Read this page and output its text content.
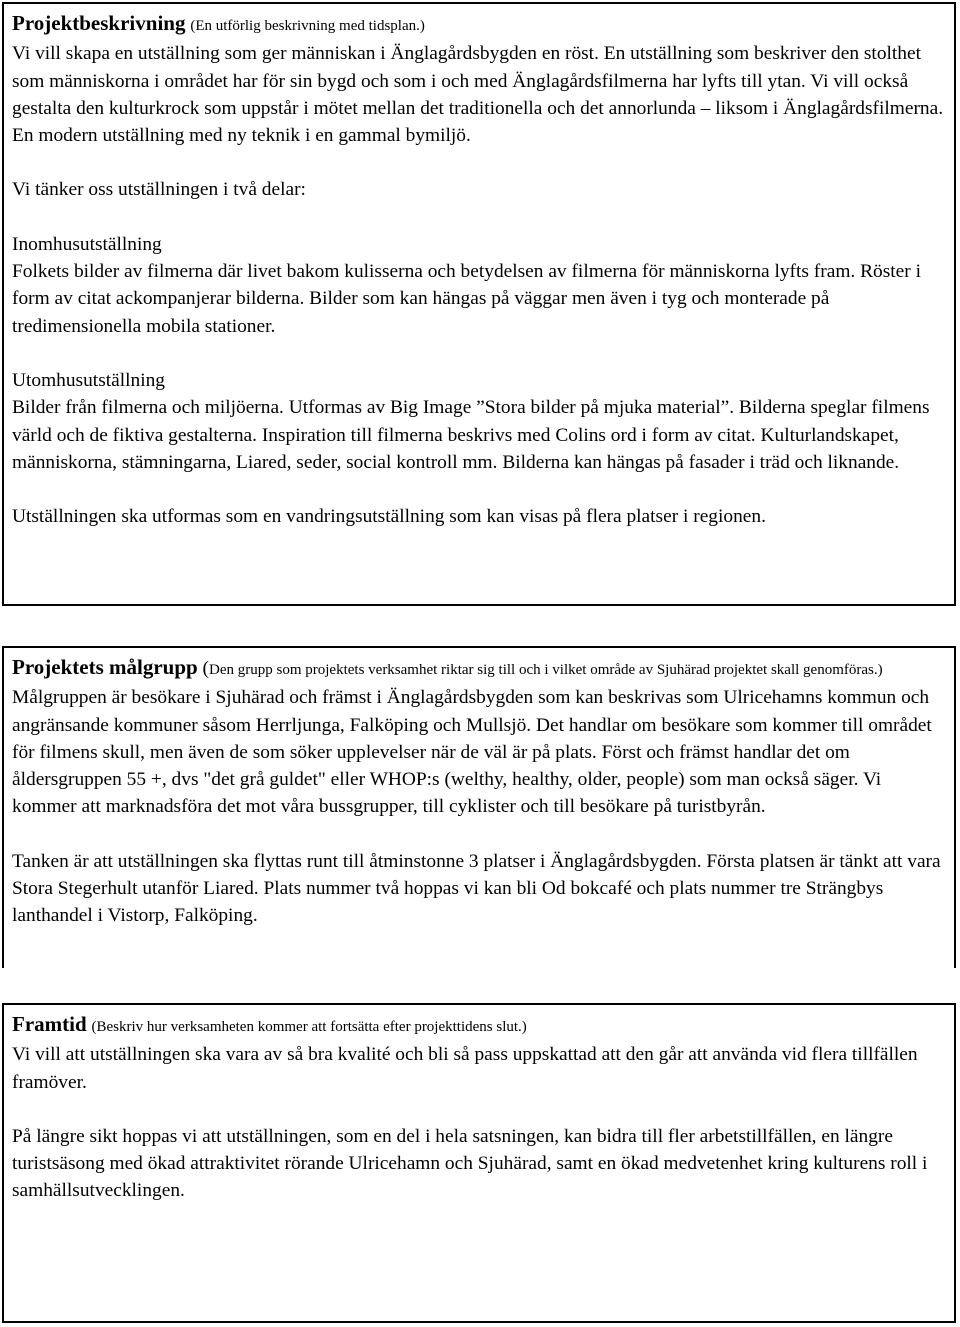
Projektbeskrivning (En utförlig beskrivning med tidsplan.)

Vi vill skapa en utställning som ger människan i Änglagårdsbygden en röst. En utställning som beskriver den stolthet som människorna i området har för sin bygd och som i och med Änglagårdsfilmerna har lyfts till ytan. Vi vill också gestalta den kulturkrock som uppstår i mötet mellan det traditionella och det annorlunda – liksom i Änglagårdsfilmerna. En modern utställning med ny teknik i en gammal bymiljö.

Vi tänker oss utställningen i två delar:

Inomhusutställning

Folkets bilder av filmerna där livet bakom kulisserna och betydelsen av filmerna för människorna lyfts fram. Röster i form av citat ackompanjerar bilderna. Bilder som kan hängas på väggar men även i tyg och monterade på tredimensionella mobila stationer.

Utomhusutställning

Bilder från filmerna och miljöerna. Utformas av Big Image ”Stora bilder på mjuka material”. Bilderna speglar filmens värld och de fiktiva gestalterna. Inspiration till filmerna beskrivs med Colins ord i form av citat. Kulturlandskapet, människorna, stämningarna, Liared, seder, social kontroll mm. Bilderna kan hängas på fasader i träd och liknande.

Utställningen ska utformas som en vandringsutställning som kan visas på flera platser i regionen.

Projektets målgrupp (Den grupp som projektets verksamhet riktar sig till och i vilket område av Sjuhärad projektet skall genomföras.)

Målgruppen är besökare i Sjuhärad och främst i Änglagårdsbygden som kan beskrivas som Ulricehamns kommun och angränsande kommuner såsom Herrljunga, Falköping och Mullsjö. Det handlar om besökare som kommer till området för filmens skull, men även de som söker upplevelser när de väl är på plats. Först och främst handlar det om åldersgruppen 55 +, dvs "det grå guldet" eller WHOP:s (welthy, healthy, older, people) som man också säger. Vi kommer att marknadsföra det mot våra bussgrupper, till cyklister och till besökare på turistbyrån.

Tanken är att utställningen ska flyttas runt till åtminstonne 3 platser i Änglagårdsbygden. Första platsen är tänkt att vara Stora Stegerhult utanför Liared. Plats nummer två hoppas vi kan bli Od bokcafé och plats nummer tre Strängbys lanthandel i Vistorp, Falköping.

Framtid (Beskriv hur verksamheten kommer att fortsätta efter projekttidens slut.)

Vi vill att utställningen ska vara av så bra kvalité och bli så pass uppskattad att den går att använda vid flera tillfällen framöver.

På längre sikt hoppas vi att utställningen, som en del i hela satsningen, kan bidra till fler arbetstillfällen, en längre turistsäsong med ökad attraktivitet rörande Ulricehamn och Sjuhärad, samt en ökad medvetenhet kring kulturens roll i samhällsutvecklingen.
